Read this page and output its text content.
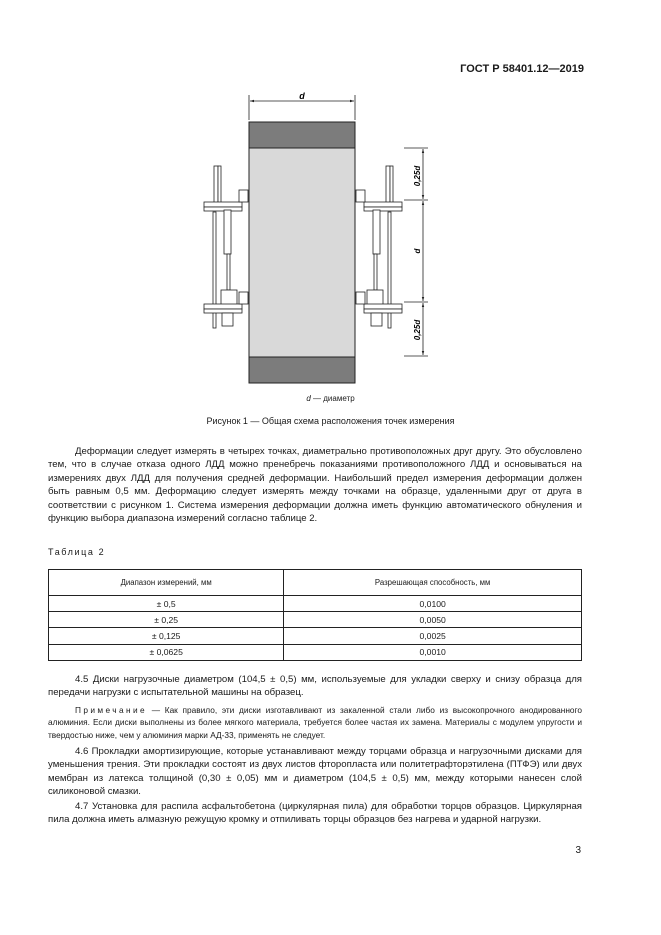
ГОСТ Р 58401.12—2019
d
0,25d
d
0,25d
d — диаметр
Рисунок 1 — Общая схема расположения точек измерения

Деформации следует измерять в четырех точках, диаметрально противоположных друг другу. Это обусловлено тем, что в случае отказа одного ЛДД можно пренебречь показаниями противоположного ЛДД и основываться на измерениях двух ЛДД для получения средней деформации. Наибольший предел измерения деформации должен быть равным 0,5 мм. Деформацию следует измерять между точками на образце, удаленными друг от друга в соответствии с рисунком 1. Система измерения деформации должна иметь функцию автоматического обнуления и функцию выбора диапазона измерений согласно таблице 2.

Таблица 2

Диапазон измерений, мм	Разрешающая способность, мм
± 0,5	0,0100
± 0,25	0,0050
± 0,125	0,0025
± 0,0625	0,0010

4.5 Диски нагрузочные диаметром (104,5 ± 0,5) мм, используемые для укладки сверху и снизу образца для передачи нагрузки с испытательной машины на образец.

Примечание — Как правило, эти диски изготавливают из закаленной стали либо из высокопрочного анодированного алюминия. Если диски выполнены из более мягкого материала, требуется более частая их замена. Материалы с модулем упругости и твердостью ниже, чем у алюминия марки АД-33, применять не следует.

4.6 Прокладки амортизирующие, которые устанавливают между торцами образца и нагрузочными дисками для уменьшения трения. Эти прокладки состоят из двух листов фторопласта или политетрафторэтилена (ПТФЭ) или двух мембран из латекса толщиной (0,30 ± 0,05) мм и диаметром (104,5 ± 0,5) мм, между которыми нанесен слой силиконовой смазки.

4.7 Установка для распила асфальтобетона (циркулярная пила) для обработки торцов образцов. Циркулярная пила должна иметь алмазную режущую кромку и отпиливать торцы образцов без нагрева и ударной нагрузки.

3
